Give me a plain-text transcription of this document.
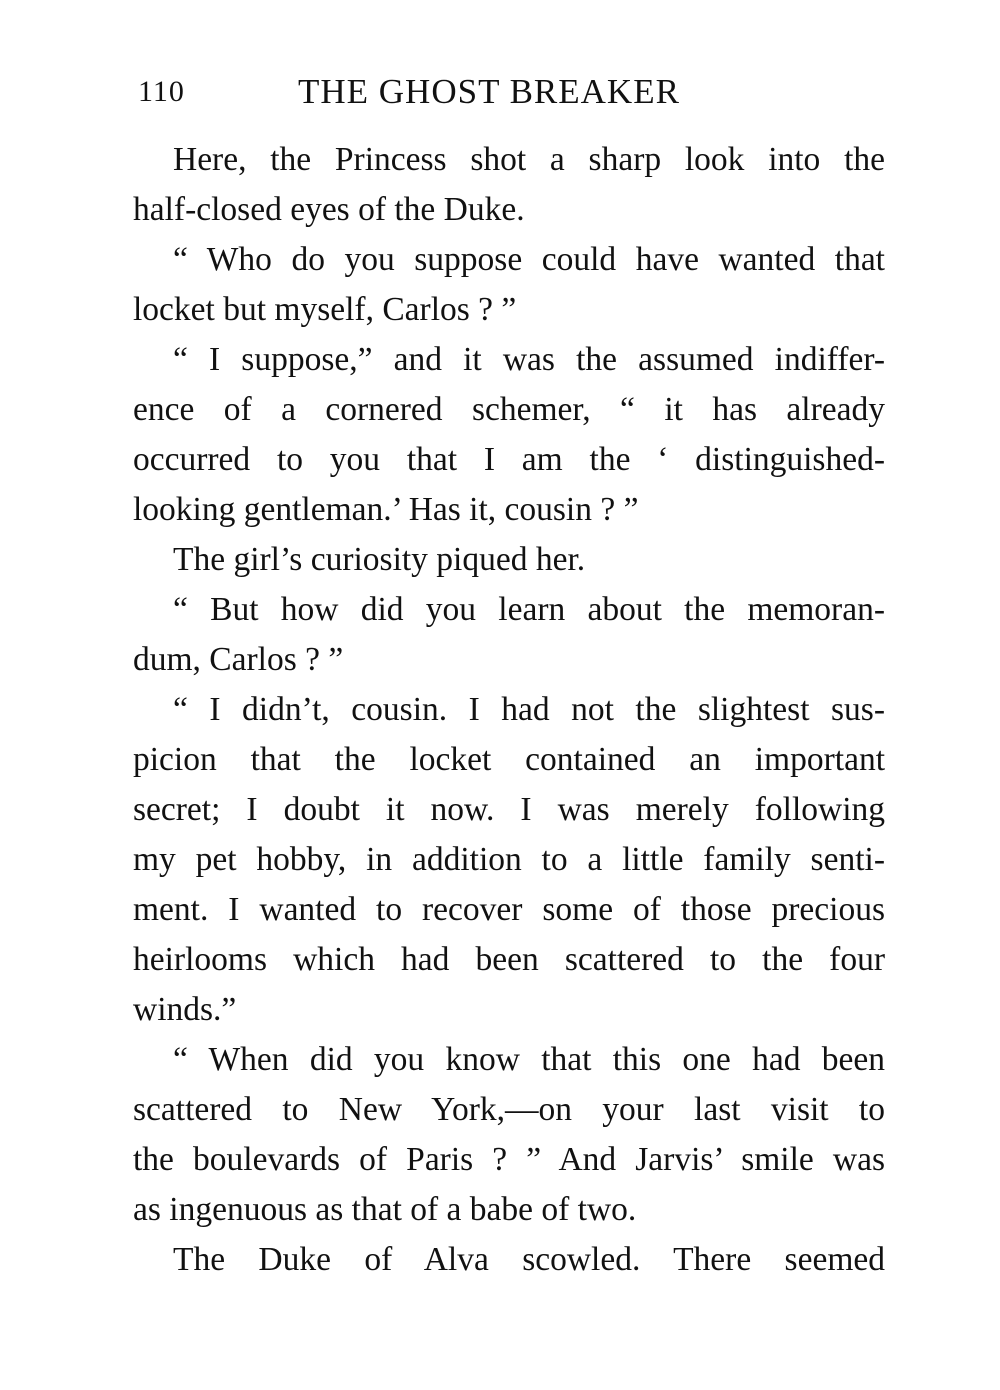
110	THE GHOST BREAKER
Here, the Princess shot a sharp look into the
half-closed eyes of the Duke.
“ Who do you suppose could have wanted that
locket but myself, Carlos ? ”
“ I suppose,” and it was the assumed indiffer-
ence of a cornered schemer, “ it has already
occurred to you that I am the ‘ distinguished-
looking gentleman.’ Has it, cousin ? ”
The girl’s curiosity piqued her.
“ But how did you learn about the memoran-
dum, Carlos ? ”
“ I didn’t, cousin. I had not the slightest sus-
picion that the locket contained an important
secret; I doubt it now. I was merely following
my pet hobby, in addition to a little family senti-
ment. I wanted to recover some of those precious
heirlooms which had been scattered to the four
winds.”
“ When did you know that this one had been
scattered to New York,—on your last visit to
the boulevards of Paris ? ” And Jarvis’ smile was
as ingenuous as that of a babe of two.
The Duke of Alva scowled. There seemed
